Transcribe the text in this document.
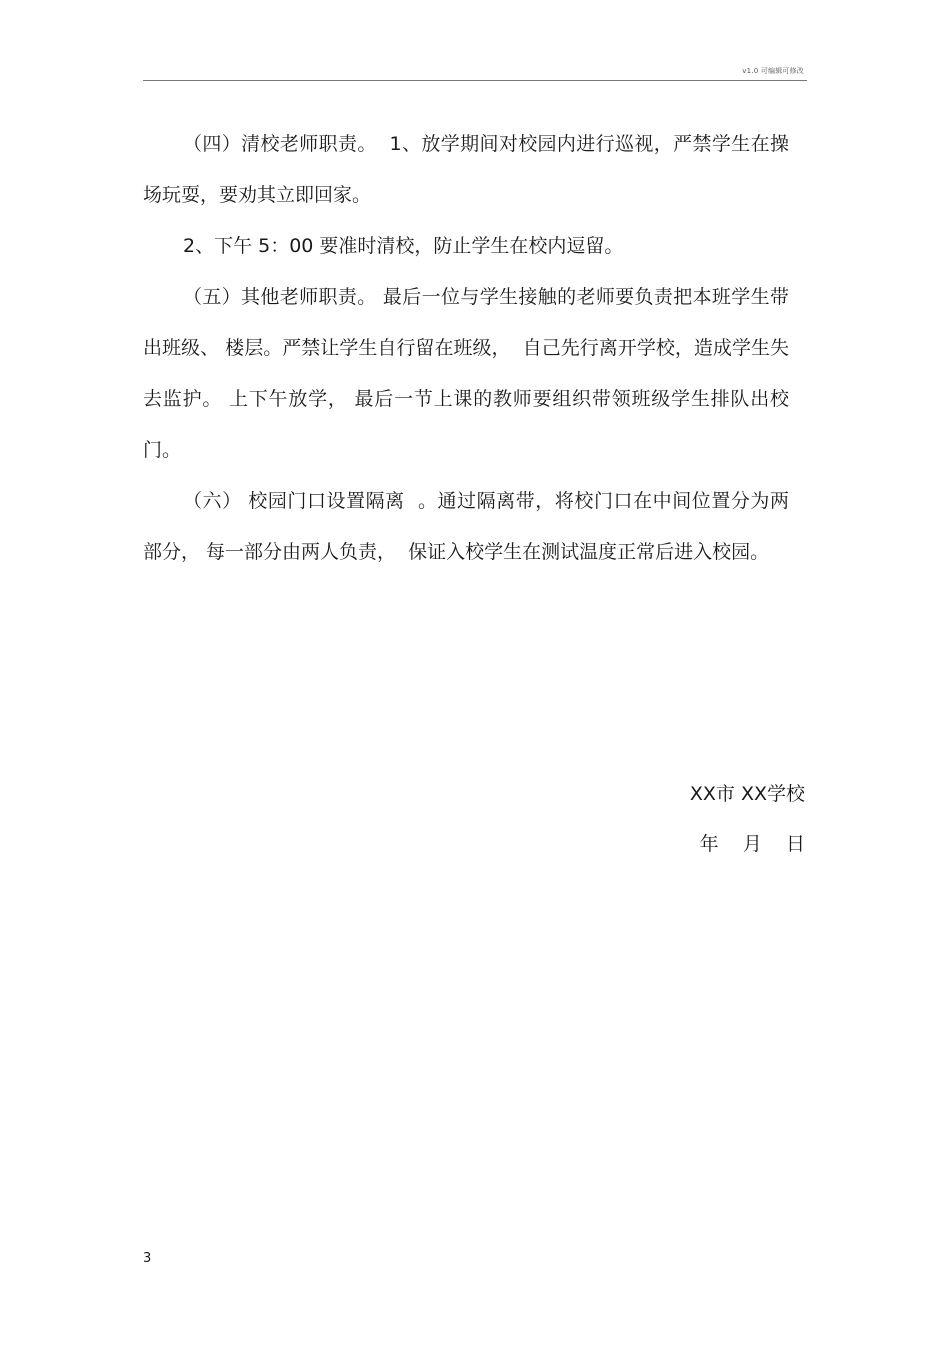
v1.0 可编辑可修改

（四）清校老师职责。  1、放学期间对校园内进行巡视，严禁学生在操场玩耍，要劝其立即回家。

2、下午 5：00 要准时清校，防止学生在校内逗留。

（五）其他老师职责。 最后一位与学生接触的老师要负责把本班学生带出班级、 楼层。严禁让学生自行留在班级，  自己先行离开学校，造成学生失去监护。 上下午放学， 最后一节上课的教师要组织带领班级学生排队出校门。

（六） 校园门口设置隔离  。通过隔离带，将校门口在中间位置分为两部分， 每一部分由两人负责，  保证入校学生在测试温度正常后进入校园。

XX市 XX学校
年    月    日
3
